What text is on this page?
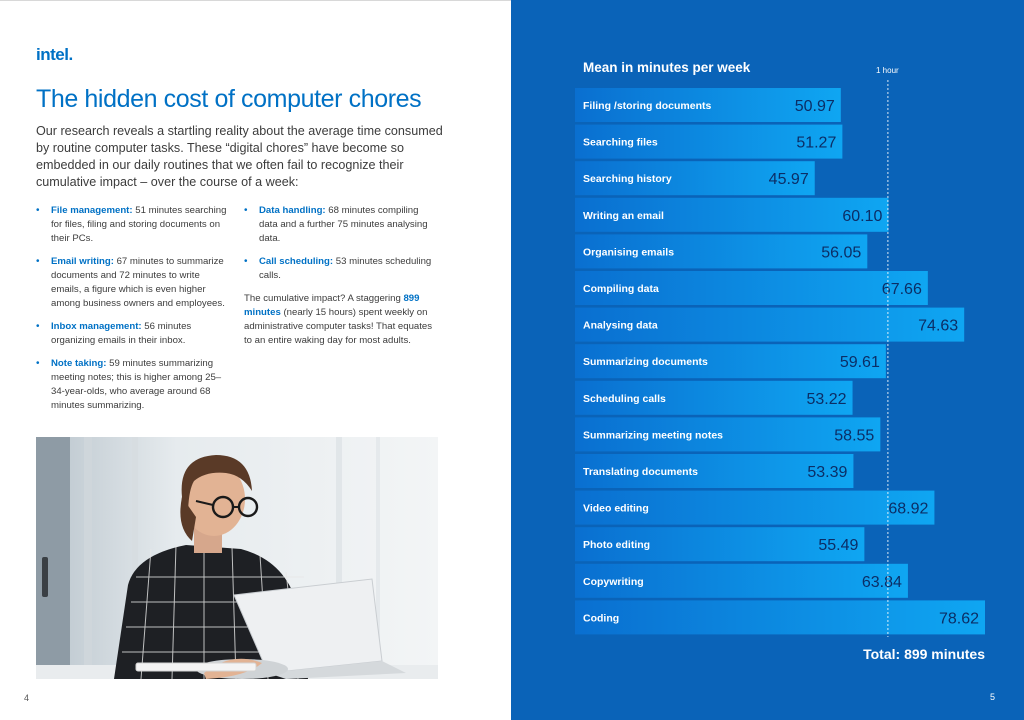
intel.
The hidden cost of computer chores

Our research reveals a startling reality about the average time consumed by routine computer tasks. These “digital chores” have become so embedded in our daily routines that we often fail to recognize their cumulative impact – over the course of a week:

• File management: 51 minutes searching for files, filing and storing documents on their PCs.
• Email writing: 67 minutes to summarize documents and 72 minutes to write emails, a figure which is even higher among business owners and employees.
• Inbox management: 56 minutes organizing emails in their inbox.
• Note taking: 59 minutes summarizing meeting notes; this is higher among 25–34-year-olds, who average around 68 minutes summarizing.
• Data handling: 68 minutes compiling data and a further 75 minutes analysing data.
• Call scheduling: 53 minutes scheduling calls.

The cumulative impact? A staggering 899 minutes (nearly 15 hours) spent weekly on administrative computer tasks! That equates to an entire waking day for most adults.

4
Mean in minutes per week	1 hour
Filing /storing documents	50.97
Searching files	51.27
Searching history	45.97
Writing an email	60.10
Organising emails	56.05
Compiling data	67.66
Analysing data	74.63
Summarizing documents	59.61
Scheduling calls	53.22
Summarizing meeting notes	58.55
Translating documents	53.39
Video editing	68.92
Photo editing	55.49
Copywriting	63.84
Coding	78.62
Total: 899 minutes
5
